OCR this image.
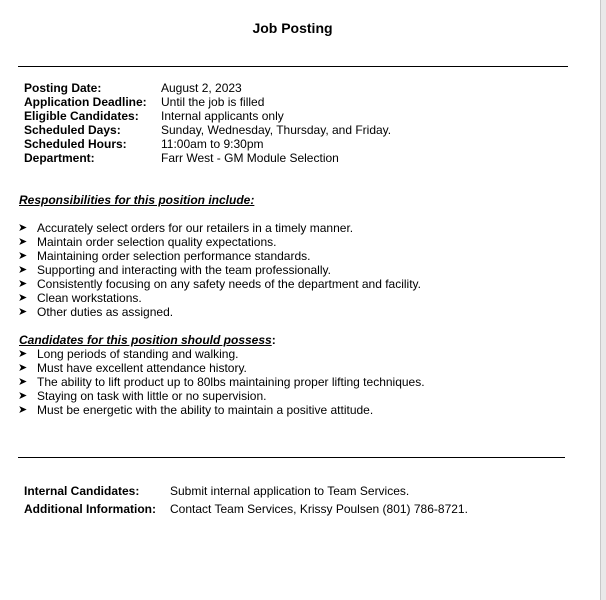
Job Posting
Posting Date:	August 2, 2023
Application Deadline: Until the job is filled
Eligible Candidates: Internal applicants only
Scheduled Days:	Sunday, Wednesday, Thursday, and Friday.
Scheduled Hours:	11:00am to 9:30pm
Department:	Farr West - GM Module Selection
Responsibilities for this position include:
➤ Accurately select orders for our retailers in a timely manner.
➤ Maintain order selection quality expectations.
➤ Maintaining order selection performance standards.
➤ Supporting and interacting with the team professionally.
➤ Consistently focusing on any safety needs of the department and facility.
➤ Clean workstations.
➤ Other duties as assigned.
Candidates for this position should possess:
➤ Long periods of standing and walking.
➤ Must have excellent attendance history.
➤ The ability to lift product up to 80lbs maintaining proper lifting techniques.
➤ Staying on task with little or no supervision.
➤ Must be energetic with the ability to maintain a positive attitude.
Internal Candidates:	Submit internal application to Team Services.
Additional Information: Contact Team Services, Krissy Poulsen (801) 786-8721.
